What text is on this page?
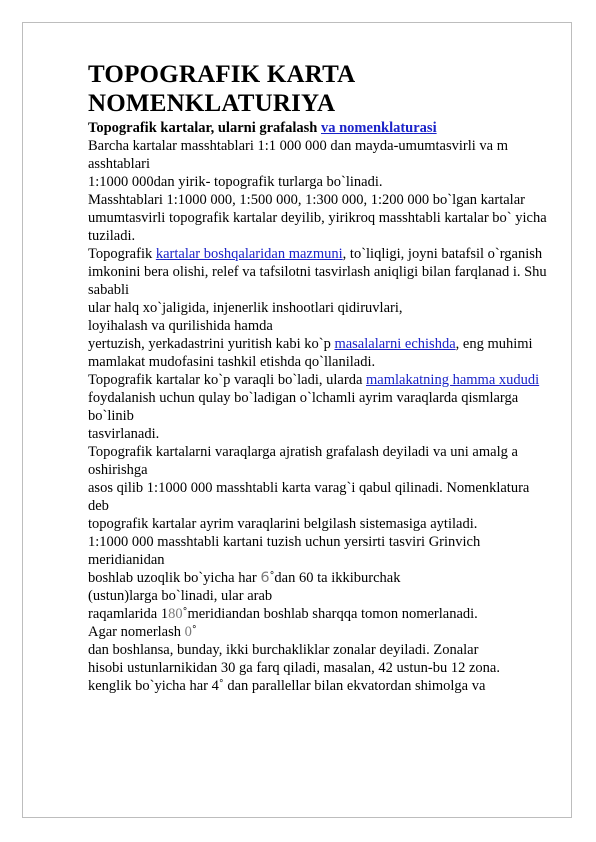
TOPOGRAFIK KARTA NOMENKLATURIYA

Topografik kartalar, ularni grafalash va nomenklaturasi

Barcha kartalar masshtablari 1:1 000 000 dan mayda-umumtasvirli va m asshtablari

1:1000 000dan yirik- topografik turlarga bo`linadi.

Masshtablari 1:1000 000, 1:500 000, 1:300 000, 1:200 000 bo`lgan kartalar

umumtasvirli topografik kartalar deyilib, yirikroq masshtabli kartalar bo` yicha tuziladi.

Topografik kartalar boshqalaridan mazmuni, to`liqligi, joyni batafsil o`rganish

imkonini bera olishi, relef va tafsilotni tasvirlash aniqligi bilan farqlanad i. Shu sababli

ular halq xo`jaligida, injenerlik inshootlari qidiruvlari,

loyihalash va qurilishida hamda

yertuzish, yerkadastrini yuritish kabi ko`p masalalarni echishda, eng muhimi

mamlakat mudofasini tashkil etishda qo`llaniladi.

Topografik kartalar ko`p varaqli bo`ladi, ularda mamlakatning hamma xududi

foydalanish uchun qulay bo`ladigan o`lchamli ayrim varaqlarda qismlarga bo`linib

tasvirlanadi.

Topografik kartalarni varaqlarga ajratish grafalash deyiladi va uni amalg a oshirishga

asos qilib 1:1000 000 masshtabli karta varag`i qabul qilinadi. Nomenklatura deb

topografik kartalar ayrim varaqlarini belgilash sistemasiga aytiladi.

1:1000 000 masshtabli kartani tuzish uchun yersirti tasviri Grinvich meridianidan

boshlab uzoqlik bo`yicha har 6˚dan 60 ta ikkiburchak

(ustun)larga bo`linadi, ular arab

raqamlarida 180˚meridiandan boshlab sharqqa tomon nomerlanadi.

Agar nomerlash 0˚

dan boshlansa, bunday, ikki burchakliklar zonalar deyiladi. Zonalar

hisobi ustunlarnikidan 30 ga farq qiladi, masalan, 42 ustun-bu 12 zona.

kenglik bo`yicha har 4˚ dan parallellar bilan ekvatordan shimolga va
